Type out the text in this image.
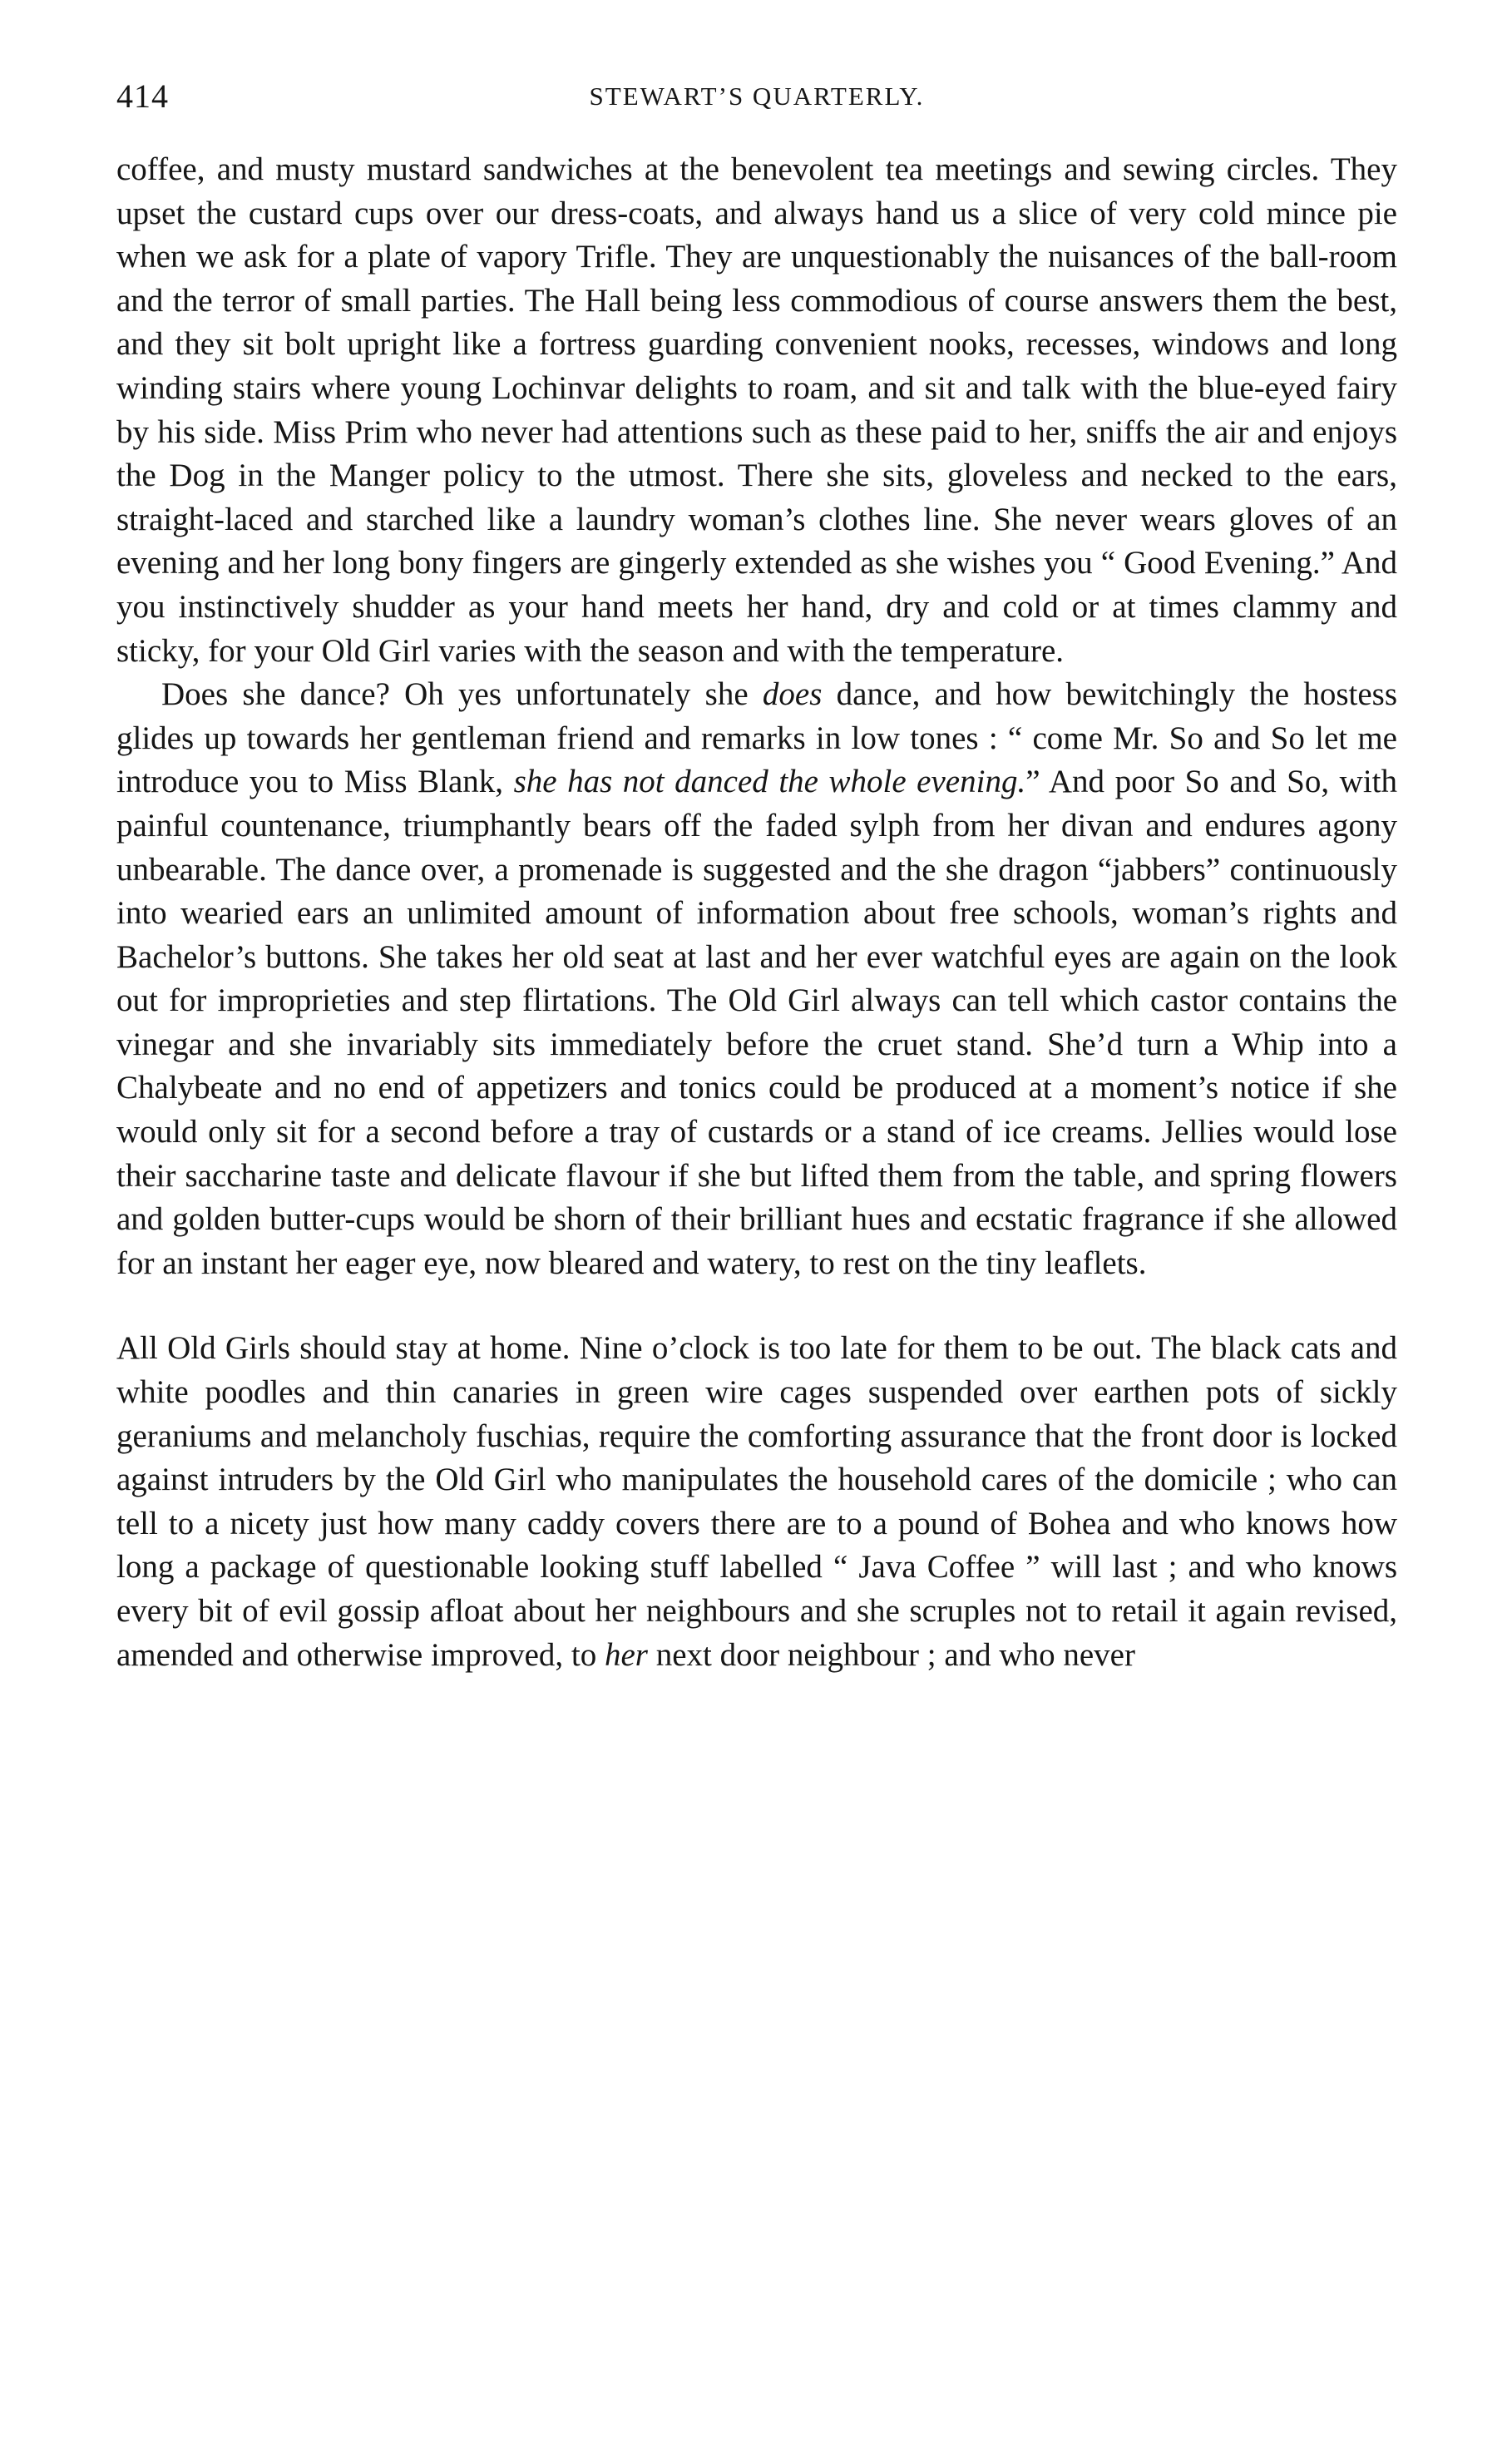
414	STEWART’S QUARTERLY.

coffee, and musty mustard sandwiches at the benevolent tea meetings and sewing circles. They upset the custard cups over our dress-coats, and always hand us a slice of very cold mince pie when we ask for a plate of vapory Trifle. They are unquestionably the nuisances of the ball-room and the terror of small parties. The Hall being less commodious of course answers them the best, and they sit bolt upright like a fortress guarding convenient nooks, recesses, windows and long winding stairs where young Lochinvar delights to roam, and sit and talk with the blue-eyed fairy by his side. Miss Prim who never had attentions such as these paid to her, sniffs the air and enjoys the Dog in the Manger policy to the utmost. There she sits, gloveless and necked to the ears, straight-laced and starched like a laundry woman’s clothes line. She never wears gloves of an evening and her long bony fingers are gingerly extended as she wishes you “ Good Evening.” And you instinctively shudder as your hand meets her hand, dry and cold or at times clammy and sticky, for your Old Girl varies with the season and with the temperature.

Does she dance? Oh yes unfortunately she does dance, and how bewitchingly the hostess glides up towards her gentleman friend and remarks in low tones : “ come Mr. So and So let me introduce you to Miss Blank, she has not danced the whole evening.” And poor So and So, with painful countenance, triumphantly bears off the faded sylph from her divan and endures agony unbearable. The dance over, a promenade is suggested and the she dragon “jabbers” continuously into wearied ears an unlimited amount of information about free schools, woman’s rights and Bachelor’s buttons. She takes her old seat at last and her ever watchful eyes are again on the look out for improprieties and step flirtations. The Old Girl always can tell which castor contains the vinegar and she invariably sits immediately before the cruet stand. She’d turn a Whip into a Chalybeate and no end of appetizers and tonics could be produced at a moment’s notice if she would only sit for a second before a tray of custards or a stand of ice creams. Jellies would lose their saccharine taste and delicate flavour if she but lifted them from the table, and spring flowers and golden butter-cups would be shorn of their brilliant hues and ecstatic fragrance if she allowed for an instant her eager eye, now bleared and watery, to rest on the tiny leaflets.

All Old Girls should stay at home. Nine o’clock is too late for them to be out. The black cats and white poodles and thin canaries in green wire cages suspended over earthen pots of sickly geraniums and melancholy fuschias, require the comforting assurance that the front door is locked against intruders by the Old Girl who manipulates the household cares of the domicile ; who can tell to a nicety just how many caddy covers there are to a pound of Bohea and who knows how long a package of questionable looking stuff labelled “ Java Coffee ” will last ; and who knows every bit of evil gossip afloat about her neighbours and she scruples not to retail it again revised, amended and otherwise improved, to her next door neighbour ; and who never
